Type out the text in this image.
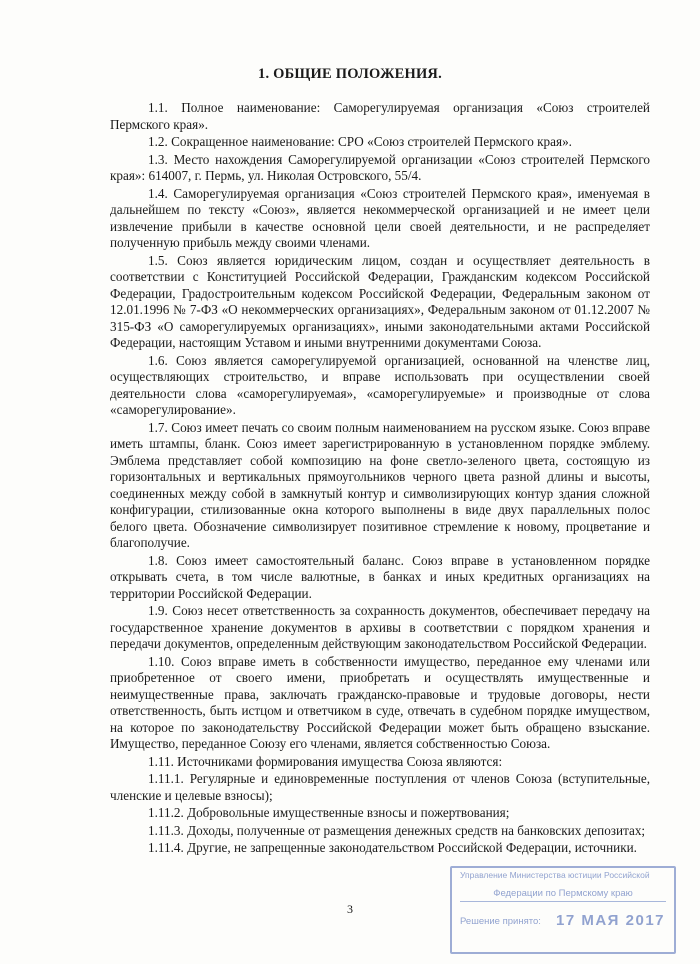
1. ОБЩИЕ ПОЛОЖЕНИЯ.

1.1. Полное наименование: Саморегулируемая организация «Союз строителей Пермского края».

1.2. Сокращенное наименование: СРО «Союз строителей Пермского края».

1.3. Место нахождения Саморегулируемой организации «Союз строителей Пермского края»: 614007, г. Пермь, ул. Николая Островского, 55/4.

1.4. Саморегулируемая организация «Союз строителей Пермского края», именуемая в дальнейшем по тексту «Союз», является некоммерческой организацией и не имеет цели извлечение прибыли в качестве основной цели своей деятельности, и не распределяет полученную прибыль между своими членами.

1.5. Союз является юридическим лицом, создан и осуществляет деятельность в соответствии с Конституцией Российской Федерации, Гражданским кодексом Российской Федерации, Градостроительным кодексом Российской Федерации, Федеральным законом от 12.01.1996 № 7-ФЗ «О некоммерческих организациях», Федеральным законом от 01.12.2007 № 315-ФЗ «О саморегулируемых организациях», иными законодательными актами Российской Федерации, настоящим Уставом и иными внутренними документами Союза.

1.6. Союз является саморегулируемой организацией, основанной на членстве лиц, осуществляющих строительство, и вправе использовать при осуществлении своей деятельности слова «саморегулируемая», «саморегулируемые» и производные от слова «саморегулирование».

1.7. Союз имеет печать со своим полным наименованием на русском языке. Союз вправе иметь штампы, бланк. Союз имеет зарегистрированную в установленном порядке эмблему. Эмблема представляет собой композицию на фоне светло-зеленого цвета, состоящую из горизонтальных и вертикальных прямоугольников черного цвета разной длины и высоты, соединенных между собой в замкнутый контур и символизирующих контур здания сложной конфигурации, стилизованные окна которого выполнены в виде двух параллельных полос белого цвета. Обозначение символизирует позитивное стремление к новому, процветание и благополучие.

1.8. Союз имеет самостоятельный баланс. Союз вправе в установленном порядке открывать счета, в том числе валютные, в банках и иных кредитных организациях на территории Российской Федерации.

1.9. Союз несет ответственность за сохранность документов, обеспечивает передачу на государственное хранение документов в архивы в соответствии с порядком хранения и передачи документов, определенным действующим законодательством Российской Федерации.

1.10. Союз вправе иметь в собственности имущество, переданное ему членами или приобретенное от своего имени, приобретать и осуществлять имущественные и неимущественные права, заключать гражданско-правовые и трудовые договоры, нести ответственность, быть истцом и ответчиком в суде, отвечать в судебном порядке имуществом, на которое по законодательству Российской Федерации может быть обращено взыскание. Имущество, переданное Союзу его членами, является собственностью Союза.

1.11. Источниками формирования имущества Союза являются:

1.11.1. Регулярные и единовременные поступления от членов Союза (вступительные, членские и целевые взносы);

1.11.2. Добровольные имущественные взносы и пожертвования;

1.11.3. Доходы, полученные от размещения денежных средств на банковских депозитах;

1.11.4. Другие, не запрещенные законодательством Российской Федерации, источники.

3
Управление Министерства юстиции Российской
Федерации по Пермскому краю
Решение принято: 17 МАЯ 2017
